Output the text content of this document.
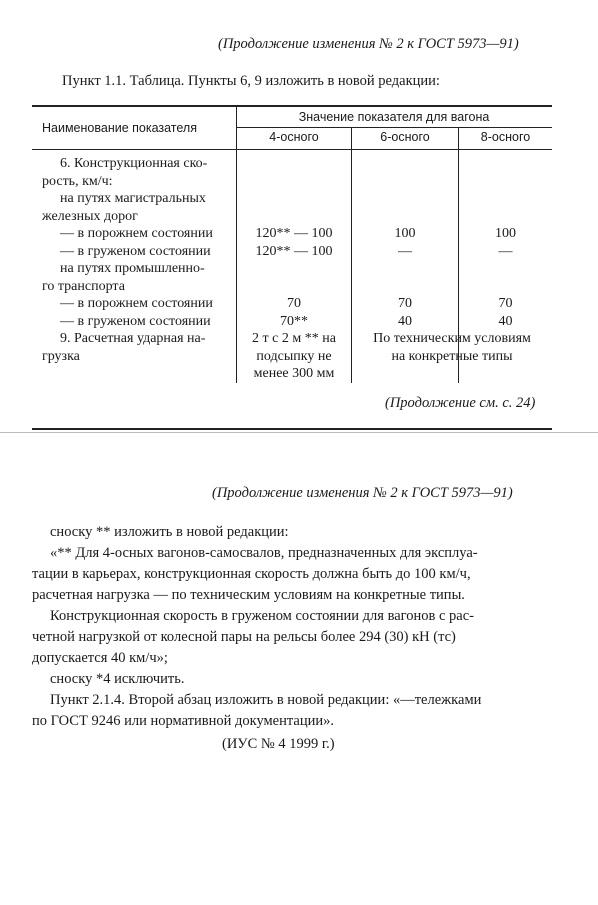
(Продолжение изменения № 2 к ГОСТ 5973—91)
Пункт 1.1. Таблица. Пункты 6, 9 изложить в новой редакции:
Наименование показателя
Значение показателя для вагона
4-осного	6-осного	8-осного
6. Конструкционная ско-
рость, км/ч:
на путях магистральных
железных дорог
— в порожнем состоянии
— в груженом состоянии
на путях промышленно-
го транспорта
— в порожнем состоянии
— в груженом состоянии
9. Расчетная ударная на-
грузка
120** — 100
120** — 100
70
70**
2 т с 2 м ** на
подсыпку не
менее 300 мм
100
—
70
40
100
—
70
40
По техническим условиям
на конкретные типы
(Продолжение см. с. 24)
(Продолжение изменения № 2 к ГОСТ 5973—91)
сноску ** изложить в новой редакции:
«** Для 4-осных вагонов-самосвалов, предназначенных для эксплуа-
тации в карьерах, конструкционная скорость должна быть до 100 км/ч,
расчетная нагрузка — по техническим условиям на конкретные типы.
Конструкционная скорость в груженом состоянии для вагонов с рас-
четной нагрузкой от колесной пары на рельсы более 294 (30) кН (тс)
допускается 40 км/ч»;
сноску *4 исключить.
Пункт 2.1.4. Второй абзац изложить в новой редакции: «—тележками
по ГОСТ 9246 или нормативной документации».
(ИУС № 4 1999 г.)
